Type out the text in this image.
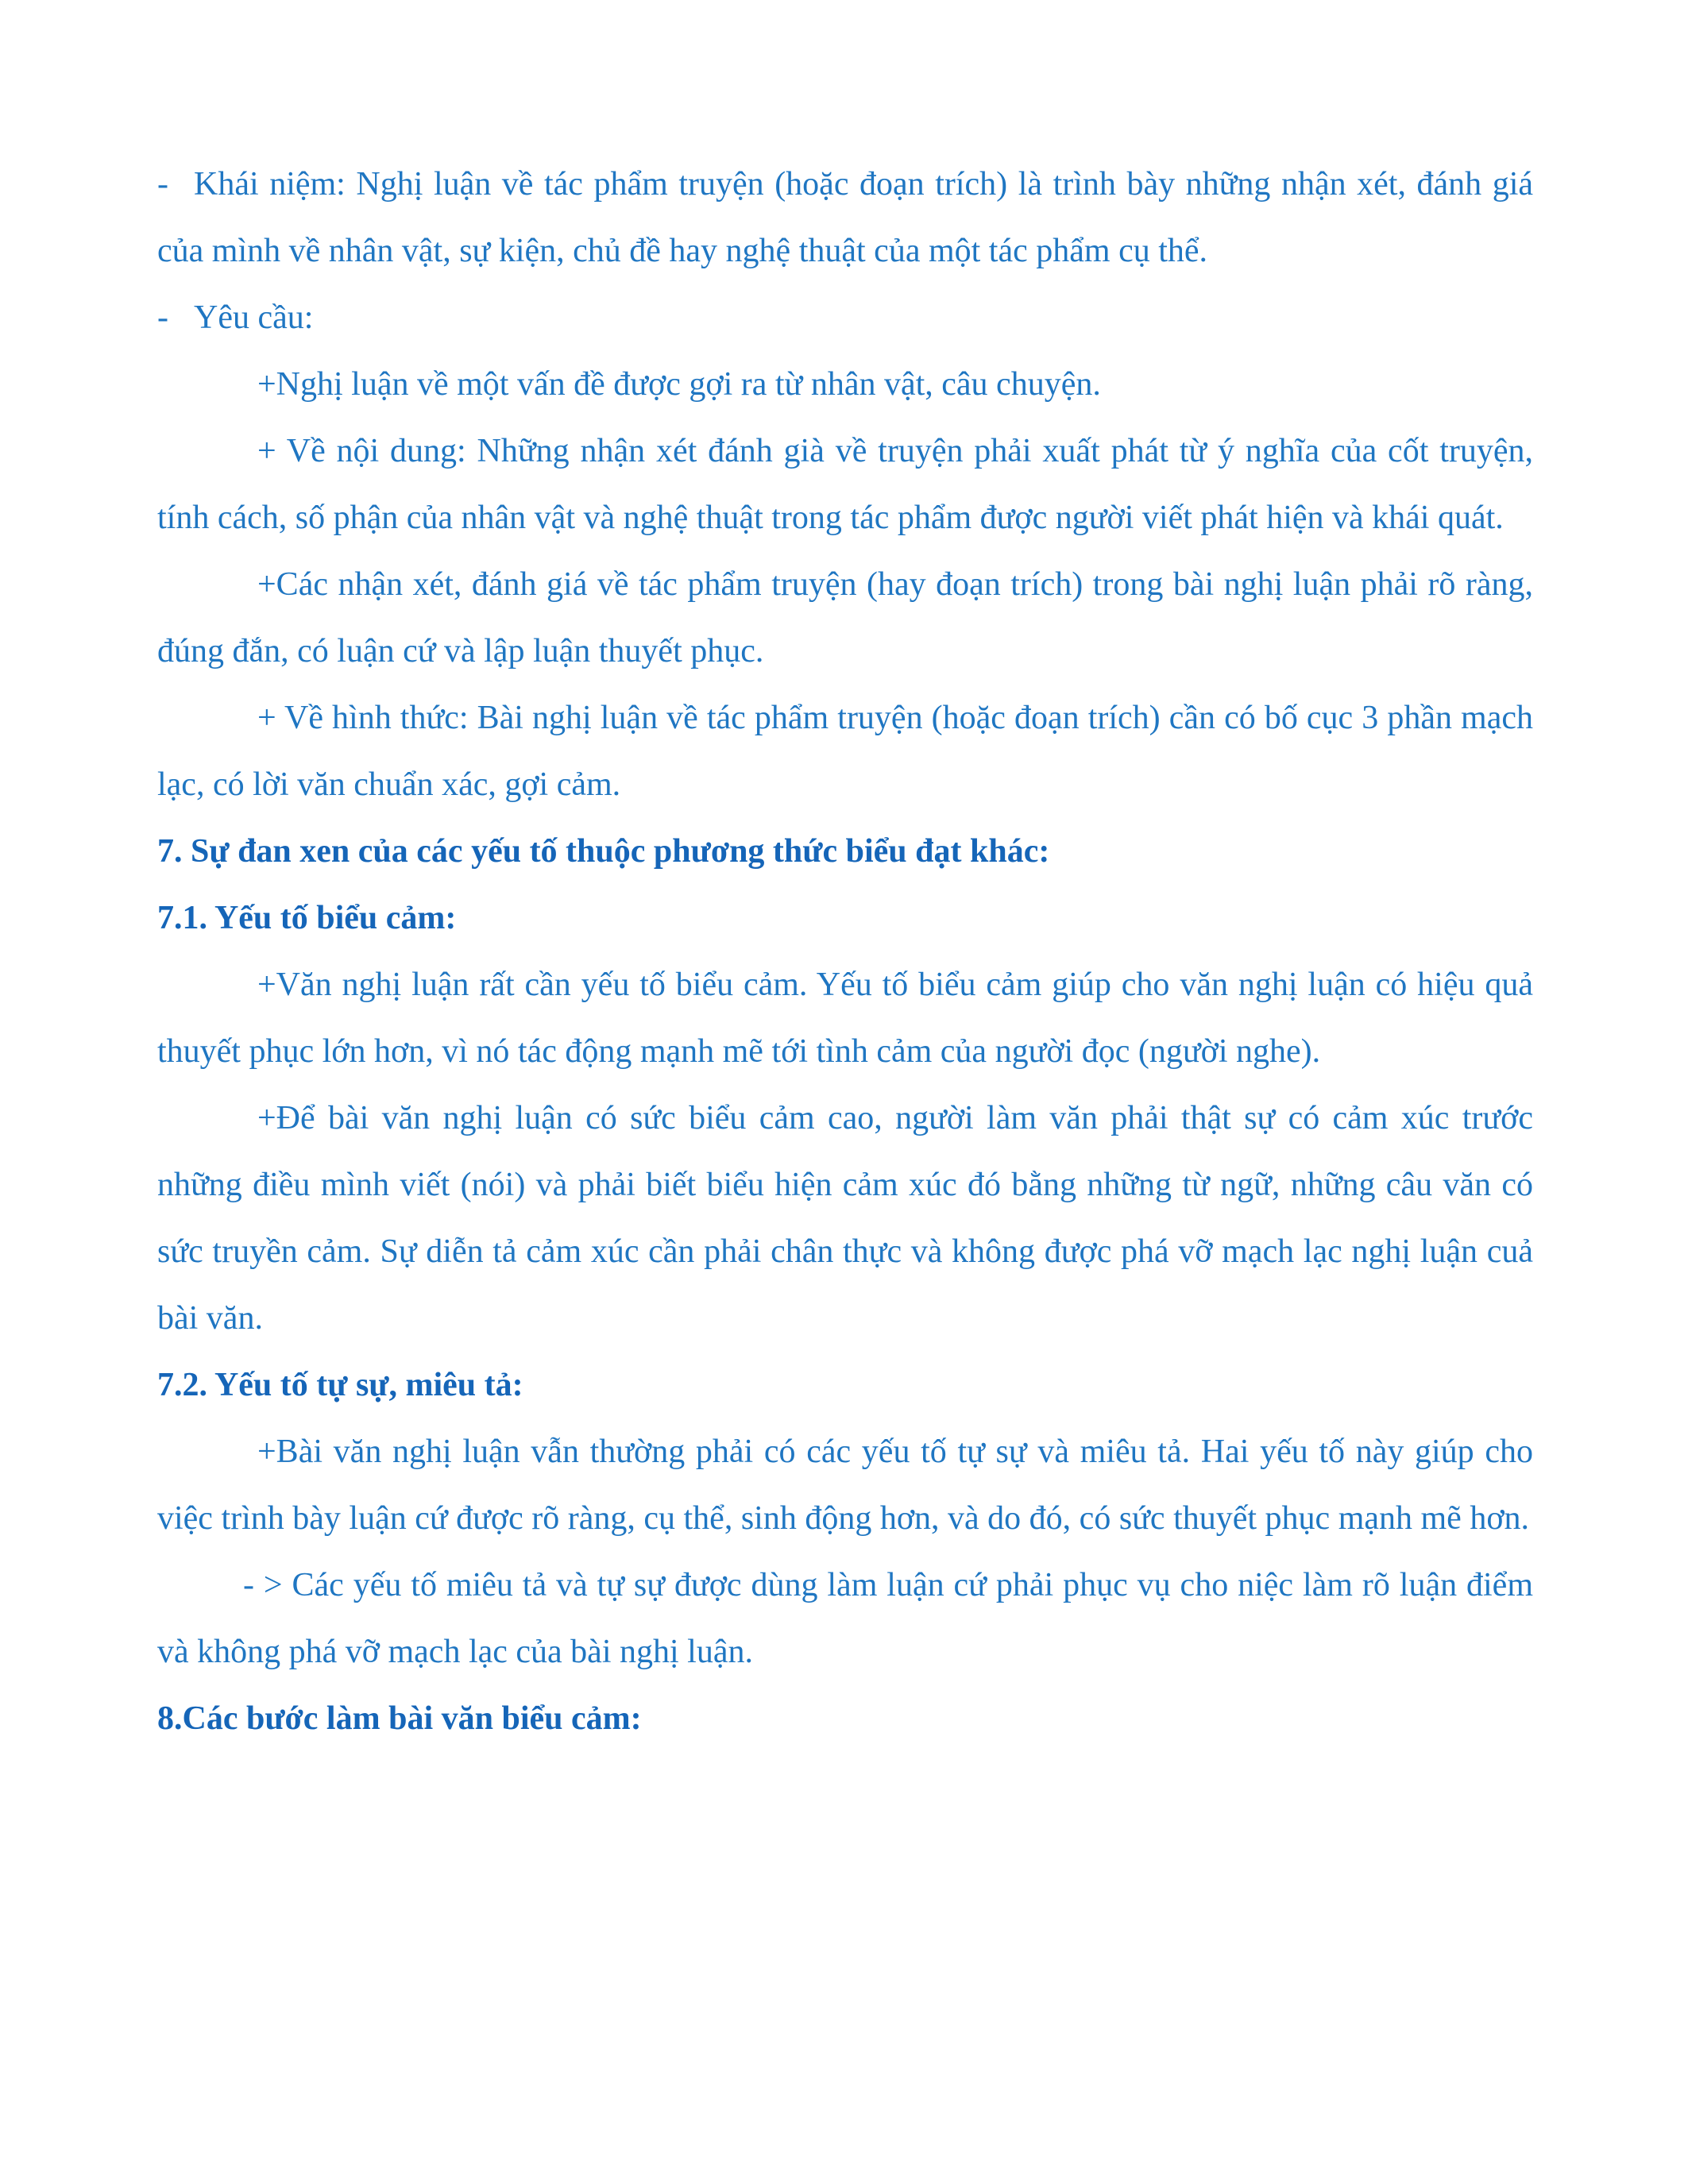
- Khái niệm: Nghị luận về tác phẩm truyện (hoặc đoạn trích) là trình bày những nhận xét, đánh giá của mình về nhân vật, sự kiện, chủ đề hay nghệ thuật của một tác phẩm cụ thể.

- Yêu cầu:

+Nghị luận về một vấn đề được gợi ra từ nhân vật, câu chuyện.

+ Về nội dung: Những nhận xét đánh già về truyện phải xuất phát từ ý nghĩa của cốt truyện, tính cách, số phận của nhân vật và nghệ thuật trong tác phẩm được người viết phát hiện và khái quát.

+Các nhận xét, đánh giá về tác phẩm truyện (hay đoạn trích) trong bài nghị luận phải rõ ràng, đúng đắn, có luận cứ và lập luận thuyết phục.

+ Về hình thức: Bài nghị luận về tác phẩm truyện (hoặc đoạn trích) cần có bố cục 3 phần mạch lạc, có lời văn chuẩn xác, gợi cảm.

7. Sự đan xen của các yếu tố thuộc phương thức biểu đạt khác:

7.1. Yếu tố biểu cảm:

+Văn nghị luận rất cần yếu tố biểu cảm. Yếu tố biểu cảm giúp cho văn nghị luận có hiệu quả thuyết phục lớn hơn, vì nó tác động mạnh mẽ tới tình cảm của người đọc (người nghe).

+Để bài văn nghị luận có sức biểu cảm cao, người làm văn phải thật sự có cảm xúc trước những điều mình viết (nói) và phải biết biểu hiện cảm xúc đó bằng những từ ngữ, những câu văn có sức truyền cảm. Sự diễn tả cảm xúc cần phải chân thực và không được phá vỡ mạch lạc nghị luận cuả bài văn.

7.2. Yếu tố tự sự, miêu tả:

+Bài văn nghị luận vẫn thường phải có các yếu tố tự sự và miêu tả. Hai yếu tố này giúp cho việc trình bày luận cứ được rõ ràng, cụ thể, sinh động hơn, và do đó, có sức thuyết phục mạnh mẽ hơn.

- > Các yếu tố miêu tả và tự sự được dùng làm luận cứ phải phục vụ cho niệc làm rõ luận điểm và không phá vỡ mạch lạc của bài nghị luận.

8.Các bước làm bài văn biểu cảm:
